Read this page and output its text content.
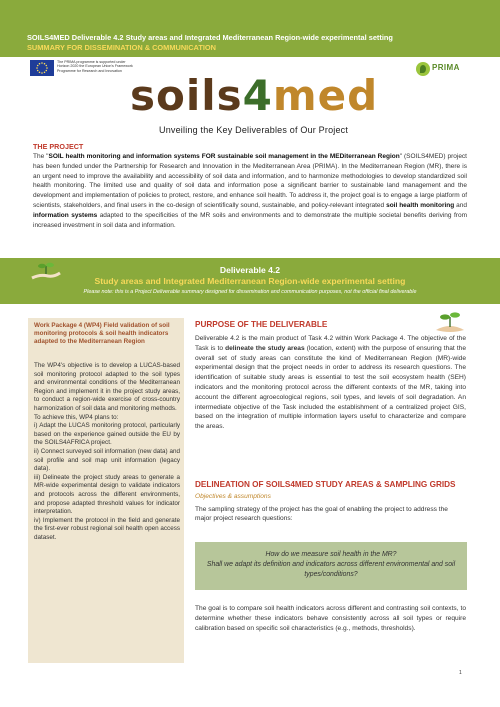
SOILS4MED Deliverable 4.2 Study areas and Integrated Mediterranean Region-wide experimental setting
SUMMARY FOR DISSEMINATION & COMMUNICATION
The PRIMA programme is supported under Horizon 2020 the European Union's Framework Programme for Research and Innovation	PRIMA
soils4med
Unveiling the Key Deliverables of Our Project
THE PROJECT
The "SOIL health monitoring and information systems FOR sustainable soil management in the MEDiterranean Region" (SOILS4MED) project has been funded under the Partnership for Research and Innovation in the Mediterranean Area (PRIMA). In the Mediterranean Region (MR), there is an urgent need to improve the availability and accessibility of soil data and information, and to harmonize methodologies to develop standardized soil health monitoring. The limited use and quality of soil data and information pose a significant barrier to sustainable land management and the development and implementation of policies to protect, restore, and enhance soil health. To address it, the project goal is to engage a large platform of scientists, stakeholders, and final users in the co-design of scientifically sound, sustainable, and policy-relevant integrated soil health monitoring and information systems adapted to the specificities of the MR soils and environments and to demonstrate the multiple societal benefits deriving from increased investment in soil data and information.
Deliverable 4.2
Study areas and Integrated Mediterranean Region-wide experimental setting
Please note: this is a Project Deliverable summary designed for dissemination and communication purposes, not the official final deliverable
Work Package 4 (WP4) Field validation of soil monitoring protocols & soil health indicators adapted to the Mediterranean Region

The WP4's objective is to develop a LUCAS-based soil monitoring protocol adapted to the soil types and environmental conditions of the Mediterranean Region and implement it in the project study areas, to conduct a region-wide exercise of cross-country harmonization of soil data and monitoring methods.

To achieve this, WP4 plans to:

i) Adapt the LUCAS monitoring protocol, particularly based on the experience gained outside the EU by the SOILS4AFRICA project.

ii) Connect surveyed soil information (new data) and soil profile and soil map unit information (legacy data).

iii) Delineate the project study areas to generate a MR-wide experimental design to validate indicators and protocols across the different environments, and propose adapted threshold values for indicator interpretation.

iv) Implement the protocol in the field and generate the first-ever robust regional soil health open access dataset.

PURPOSE OF THE DELIVERABLE
Deliverable 4.2 is the main product of Task 4.2 within Work Package 4. The objective of the Task is to delineate the study areas (location, extent) with the purpose of ensuring that the overall set of study areas can constitute the kind of Mediterranean Region (MR)-wide experimental design that the project needs in order to address its research questions. The identification of suitable study areas is essential to test the soil ecosystem health (SEH) indicators and the monitoring protocol across the different contexts of the MR, taking into account the different agroecological regions, soil types, and levels of soil degradation. An intermediate objective of the Task included the establishment of a centralized project GIS, based on the integration of multiple information layers useful to characterize and compare the areas.
DELINEATION OF SOILS4MED STUDY AREAS & SAMPLING GRIDS
Objectives & assumptions
The sampling strategy of the project has the goal of enabling the project to address the major project research questions:

How do we measure soil health in the MR?

Shall we adapt its definition and indicators across different environmental and soil types/conditions?

The goal is to compare soil health indicators across different and contrasting soil contexts, to determine whether these indicators behave consistently across all soil types or require calibration based on specific soil characteristics (e.g., methods, thresholds).
1
